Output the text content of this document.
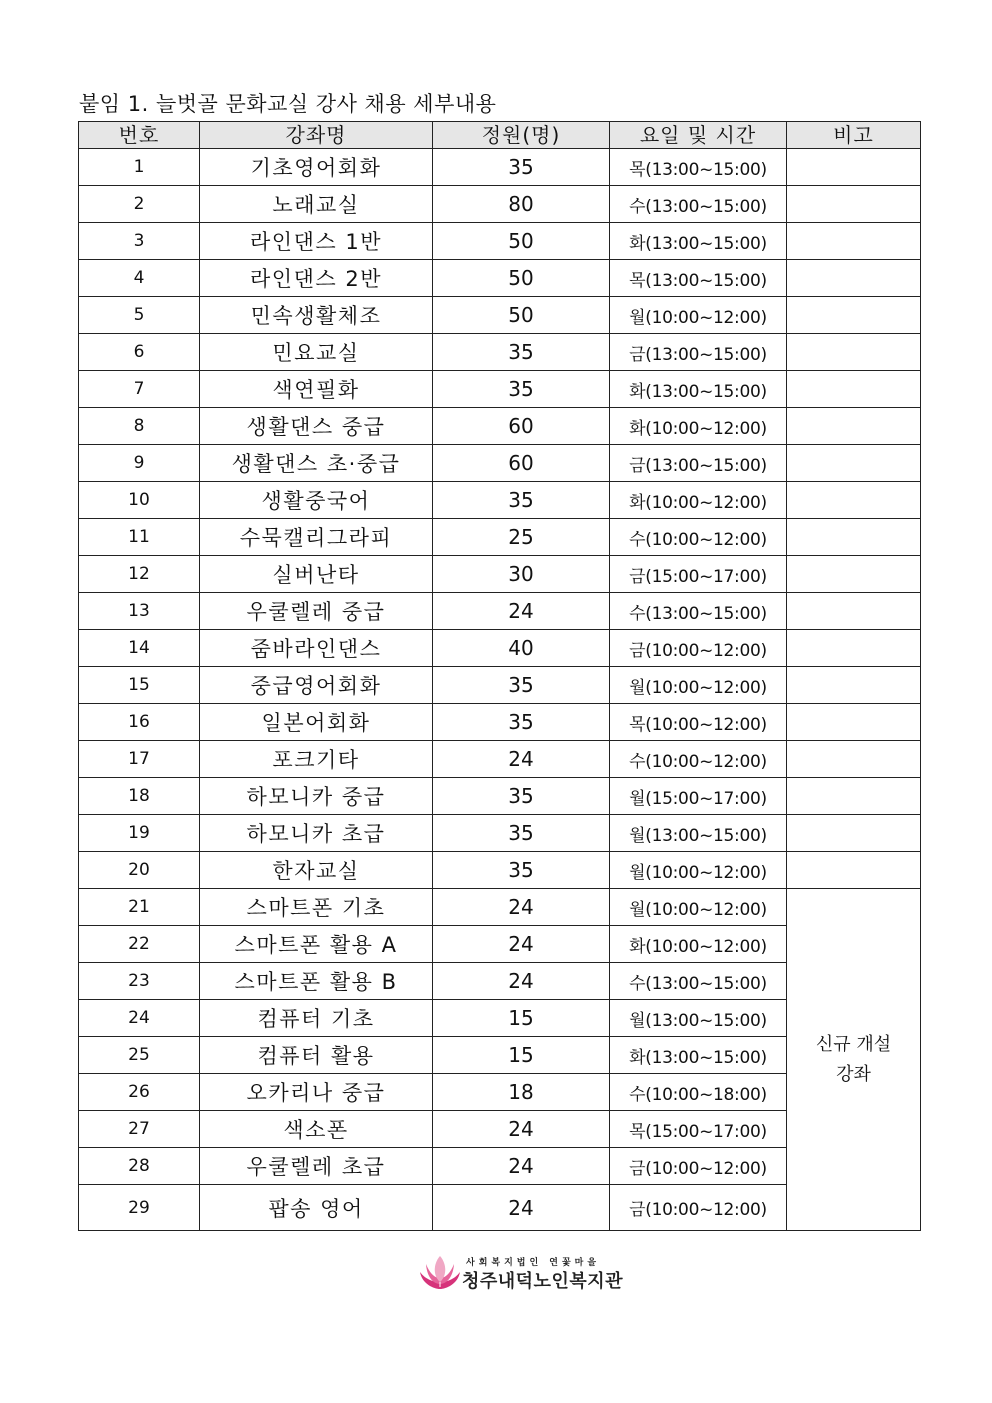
붙임 1. 늘벗골 문화교실 강사 채용 세부내용
번호	강좌명	정원(명)	요일 및 시간	비고
1	기초영어회화	35	목(13:00~15:00)	
2	노래교실	80	수(13:00~15:00)	
3	라인댄스 1반	50	화(13:00~15:00)	
4	라인댄스 2반	50	목(13:00~15:00)	
5	민속생활체조	50	월(10:00~12:00)	
6	민요교실	35	금(13:00~15:00)	
7	색연필화	35	화(13:00~15:00)	
8	생활댄스 중급	60	화(10:00~12:00)	
9	생활댄스 초·중급	60	금(13:00~15:00)	
10	생활중국어	35	화(10:00~12:00)	
11	수묵캘리그라피	25	수(10:00~12:00)	
12	실버난타	30	금(15:00~17:00)	
13	우쿨렐레 중급	24	수(13:00~15:00)	
14	줌바라인댄스	40	금(10:00~12:00)	
15	중급영어회화	35	월(10:00~12:00)	
16	일본어회화	35	목(10:00~12:00)	
17	포크기타	24	수(10:00~12:00)	
18	하모니카 중급	35	월(15:00~17:00)	
19	하모니카 초급	35	월(13:00~15:00)	
20	한자교실	35	월(10:00~12:00)	
21	스마트폰 기초	24	월(10:00~12:00)	신규 개설
강좌

22	스마트폰 활용 A	24	화(10:00~12:00)	
23	스마트폰 활용 B	24	수(13:00~15:00)	
24	컴퓨터 기초	15	월(13:00~15:00)	
25	컴퓨터 활용	15	화(13:00~15:00)	
26	오카리나 중급	18	수(10:00~18:00)	
27	색소폰	24	목(15:00~17:00)	
28	우쿨렐레 초급	24	금(10:00~12:00)	
29	팝송 영어	24	금(10:00~12:00)	
사회복지법인 연꽃마을
청주내덕노인복지관
